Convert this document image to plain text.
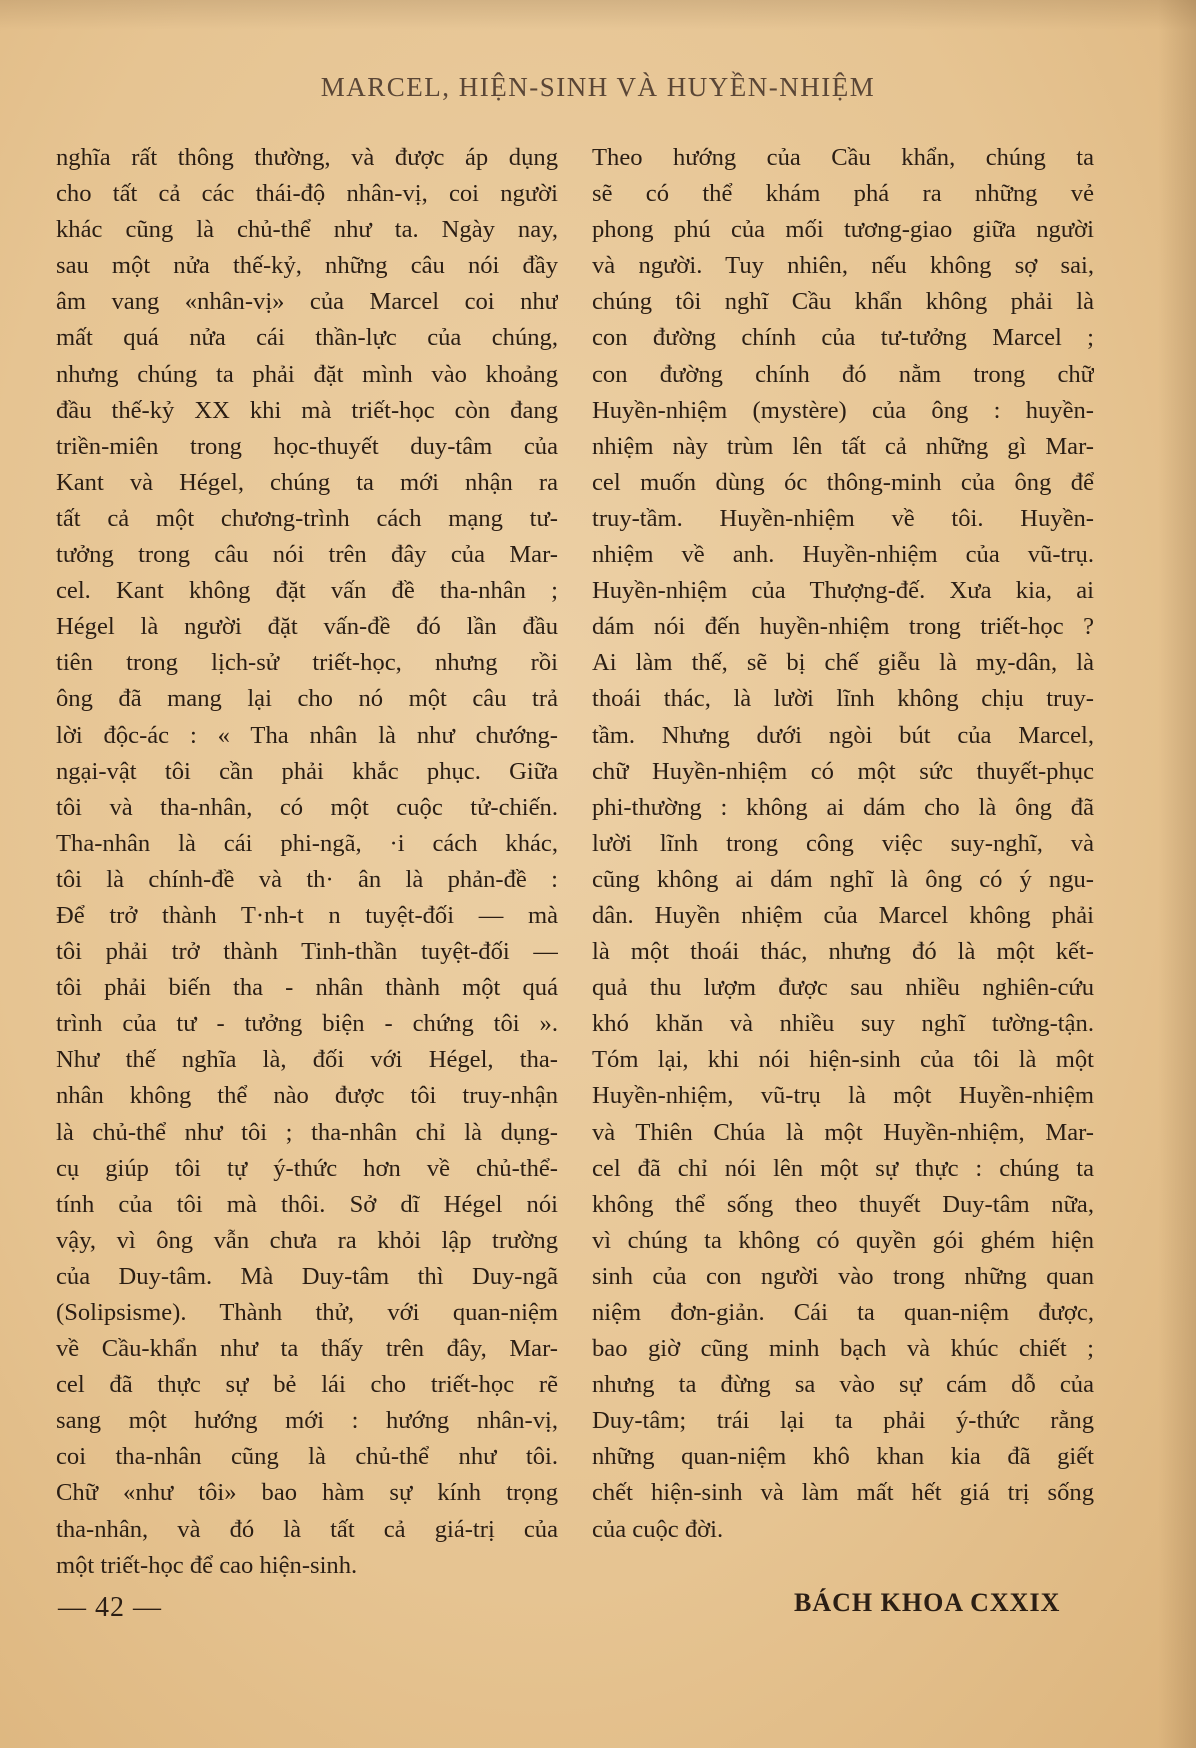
MARCEL, HIỆN-SINH VÀ HUYỀN-NHIỆM
nghĩa rất thông thường, và được áp dụng
cho tất cả các thái-độ nhân-vị, coi người
khác cũng là chủ-thể như ta. Ngày nay,
sau một nửa thế-kỷ, những câu nói đầy
âm vang «nhân-vị» của Marcel coi như
mất quá nửa cái thần-lực của chúng,
nhưng chúng ta phải đặt mình vào khoảng
đầu thế-kỷ XX khi mà triết-học còn đang
triền-miên trong học-thuyết duy-tâm của
Kant và Hégel, chúng ta mới nhận ra
tất cả một chương-trình cách mạng tư-
tưởng trong câu nói trên đây của Mar-
cel. Kant không đặt vấn đề tha-nhân ;
Hégel là người đặt vấn-đề đó lần đầu
tiên trong lịch-sử triết-học, nhưng rồi
ông đã mang lại cho nó một câu trả
lời độc-ác : « Tha nhân là như chướng-
ngại-vật tôi cần phải khắc phục. Giữa
tôi và tha-nhân, có một cuộc tử-chiến.
Tha-nhân là cái phi-ngã, ·i cách khác,
tôi là chính-đề và th· ân là phản-đề :
Để trở thành T·nh-t n tuyệt-đối — mà
tôi phải trở thành Tinh-thần tuyệt-đối —
tôi phải biến tha - nhân thành một quá
trình của tư - tưởng biện - chứng tôi ».
Như thế nghĩa là, đối với Hégel, tha-
nhân không thể nào được tôi truy-nhận
là chủ-thể như tôi ; tha-nhân chỉ là dụng-
cụ giúp tôi tự ý-thức hơn về chủ-thể-
tính của tôi mà thôi. Sở dĩ Hégel nói
vậy, vì ông vẫn chưa ra khỏi lập trường
của Duy-tâm. Mà Duy-tâm thì Duy-ngã
(Solipsisme). Thành thử, với quan-niệm
về Cầu-khẩn như ta thấy trên đây, Mar-
cel đã thực sự bẻ lái cho triết-học rẽ
sang một hướng mới : hướng nhân-vị,
coi tha-nhân cũng là chủ-thể như tôi.
Chữ «như tôi» bao hàm sự kính trọng
tha-nhân, và đó là tất cả giá-trị của
một triết-học để cao hiện-sinh.
Theo hướng của Cầu khẩn, chúng ta
sẽ có thể khám phá ra những vẻ
phong phú của mối tương-giao giữa người
và người. Tuy nhiên, nếu không sợ sai,
chúng tôi nghĩ Cầu khẩn không phải là
con đường chính của tư-tưởng Marcel ;
con đường chính đó nằm trong chữ
Huyền-nhiệm (mystère) của ông : huyền-
nhiệm này trùm lên tất cả những gì Mar-
cel muốn dùng óc thông-minh của ông để
truy-tầm. Huyền-nhiệm về tôi. Huyền-
nhiệm về anh. Huyền-nhiệm của vũ-trụ.
Huyền-nhiệm của Thượng-đế. Xưa kia, ai
dám nói đến huyền-nhiệm trong triết-học ?
Ai làm thế, sẽ bị chế giễu là mỵ-dân, là
thoái thác, là lười lĩnh không chịu truy-
tầm. Nhưng dưới ngòi bút của Marcel,
chữ Huyền-nhiệm có một sức thuyết-phục
phi-thường : không ai dám cho là ông đã
lười lĩnh trong công việc suy-nghĩ, và
cũng không ai dám nghĩ là ông có ý ngu-
dân. Huyền nhiệm của Marcel không phải
là một thoái thác, nhưng đó là một kết-
quả thu lượm được sau nhiều nghiên-cứu
khó khăn và nhiều suy nghĩ tường-tận.
Tóm lại, khi nói hiện-sinh của tôi là một
Huyền-nhiệm, vũ-trụ là một Huyền-nhiệm
và Thiên Chúa là một Huyền-nhiệm, Mar-
cel đã chỉ nói lên một sự thực : chúng ta
không thể sống theo thuyết Duy-tâm nữa,
vì chúng ta không có quyền gói ghém hiện
sinh của con người vào trong những quan
niệm đơn-giản. Cái ta quan-niệm được,
bao giờ cũng minh bạch và khúc chiết ;
nhưng ta đừng sa vào sự cám dỗ của
Duy-tâm; trái lại ta phải ý-thức rằng
những quan-niệm khô khan kia đã giết
chết hiện-sinh và làm mất hết giá trị sống
của cuộc đời.
— 42 —	BÁCH KHOA CXXIX
